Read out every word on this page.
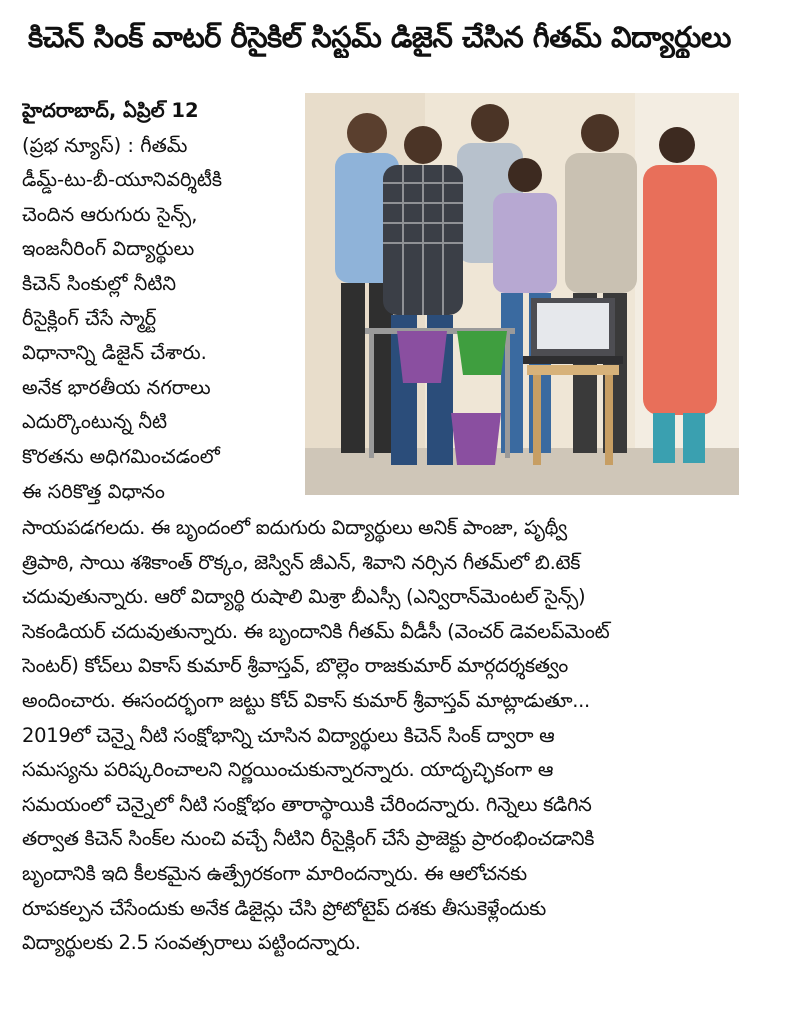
కిచెన్ సింక్ వాటర్ రీసైకిల్ సిస్టమ్ డిజైన్ చేసిన గీతమ్ విద్యార్థులు
హైదరాబాద్, ఏప్రిల్ 12
(ప్రభ న్యూస్) : గీతమ్
డీమ్డ్-టు-బీ-యూనివర్శిటీకి
చెందిన ఆరుగురు సైన్స్,
ఇంజనీరింగ్ విద్యార్థులు
కిచెన్ సింకుల్లో నీటిని
రీసైక్లింగ్ చేసే స్మార్ట్
విధానాన్ని డిజైన్ చేశారు.
అనేక భారతీయ నగరాలు
ఎదుర్కొంటున్న నీటి
కొరతను అధిగమించడంలో
ఈ సరికొత్త విధానం
సాయపడగలదు. ఈ బృందంలో ఐదుగురు విద్యార్థులు అనిక్ పాంజా, పృథ్వీ
త్రిపాఠి, సాయి శశికాంత్ రొక్కం, జెస్విన్ జీఎన్, శివాని నర్సిన గీతమ్‌లో బి.టెక్
చదువుతున్నారు. ఆరో విద్యార్థి రుషాలి మిశ్రా బీఎస్సీ (ఎన్విరాన్‌మెంటల్ సైన్స్)
సెకండియర్ చదువుతున్నారు. ఈ బృందానికి గీతమ్ వీడీసీ (వెంచర్ డెవలప్‌మెంట్
సెంటర్) కోచ్‌లు వికాస్ కుమార్ శ్రీవాస్తవ్, బొల్లెం రాజకుమార్ మార్గదర్శకత్వం
అందించారు. ఈసందర్భంగా జట్టు కోచ్ వికాస్ కుమార్ శ్రీవాస్తవ్ మాట్లాడుతూ...
2019లో చెన్నై నీటి సంక్షోభాన్ని చూసిన విద్యార్థులు కిచెన్ సింక్ ద్వారా ఆ
సమస్యను పరిష్కరించాలని నిర్ణయించుకున్నారన్నారు. యాదృచ్ఛికంగా ఆ
సమయంలో చెన్నైలో నీటి సంక్షోభం తారాస్థాయికి చేరిందన్నారు. గిన్నెలు కడిగిన
తర్వాత కిచెన్ సింక్‌ల నుంచి వచ్చే నీటిని రీసైక్లింగ్ చేసే ప్రాజెక్టు ప్రారంభించడానికి
బృందానికి ఇది కీలకమైన ఉత్ప్రేరకంగా మారిందన్నారు. ఈ ఆలోచనకు
రూపకల్పన చేసేందుకు అనేక డిజైన్లు చేసి ప్రోటోటైప్ దశకు తీసుకెళ్లేందుకు
విద్యార్థులకు 2.5 సంవత్సరాలు పట్టిందన్నారు.
